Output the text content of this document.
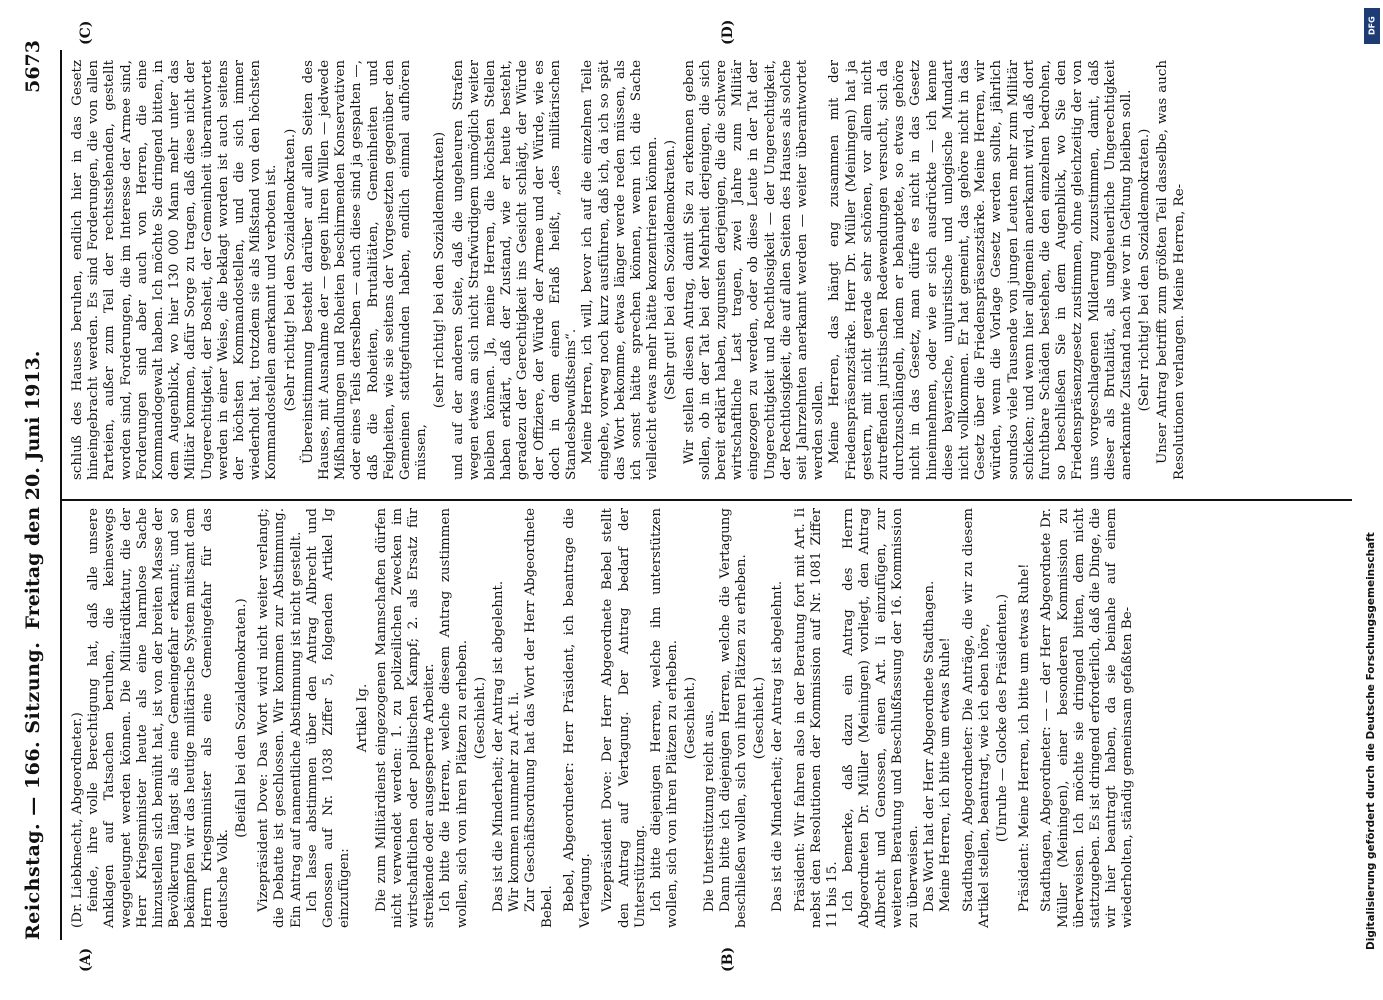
Reichstag. — 166. Sitzung.
Freitag den 20. Juni 1913.
5673
(A)	(B)
(C)	(D)

(Dr. Liebknecht, Abgeordneter.) feinde, ihre volle Berechtigung hat, daß alle unsere Anklagen auf Tatsachen beruhen, die keineswegs weggeleugnet werden können. Die Militärdiktatur, die der Herr Kriegsminister heute als eine harmlose Sache hinzustellen sich bemüht hat, ist von der breiten Masse der Bevölkerung längst als eine Gemeingefahr erkannt; und so bekämpfen wir das heutige militärische System mitsamt dem Herrn Kriegsminister als eine Gemeingefahr für das deutsche Volk.

(Beifall bei den Sozialdemokraten.) Vizepräsident Dove: Das Wort wird nicht weiter verlangt; die Debatte ist geschlossen. Wir kommen zur Abstimmung. Ein Antrag auf namentliche Abstimmung ist nicht gestellt. Ich lasse abstimmen über den Antrag Albrecht und Genossen auf Nr. 1038 Ziffer 5, folgenden Artikel Ig einzufügen:

Artikel Ig. Die zum Militärdienst eingezogenen Mannschaften dürfen nicht verwendet werden: 1. zu polizeilichen Zwecken im wirtschaftlichen oder politischen Kampf; 2. als Ersatz für streikende oder ausgesperrte Arbeiter. Ich bitte die Herren, welche diesem Antrag zustimmen wollen, sich von ihren Plätzen zu erheben. (Geschieht.) Das ist die Minderheit; der Antrag ist abgelehnt. Wir kommen nunmehr zu Art. Ii. Zur Geschäftsordnung hat das Wort der Herr Abgeordnete Bebel. Bebel, Abgeordneter: Herr Präsident, ich beantrage die Vertagung. Vizepräsident Dove: Der Herr Abgeordnete Bebel stellt den Antrag auf Vertagung. Der Antrag bedarf der Unterstützung. Ich bitte diejenigen Herren, welche ihn unterstützen wollen, sich von ihren Plätzen zu erheben. (Geschieht.) Die Unterstützung reicht aus. Dann bitte ich diejenigen Herren, welche die Vertagung beschließen wollen, sich von ihren Plätzen zu erheben. (Geschieht.) Das ist die Minderheit; der Antrag ist abgelehnt. Präsident: Wir fahren also in der Beratung fort mit Art. Ii nebst den Resolutionen der Kommission auf Nr. 1081 Ziffer 11 bis 15. Ich bemerke, daß dazu ein Antrag des Herrn Abgeordneten Dr. Müller (Meiningen) vorliegt, den Antrag Albrecht und Genossen, einen Art. Ii einzufügen, zur weiteren Beratung und Beschlußfassung der 16. Kommission zu überweisen. Das Wort hat der Herr Abgeordnete Stadthagen. Meine Herren, ich bitte um etwas Ruhe! Stadthagen, Abgeordneter: Die Anträge, die wir zu diesem Artikel stellen, beantragt, wie ich eben höre, (Unruhe — Glocke des Präsidenten.) Präsident: Meine Herren, ich bitte um etwas Ruhe! Stadthagen, Abgeordneter: — — der Herr Abgeordnete Dr. Müller (Meiningen), einer besonderen Kommission zu überweisen. Ich möchte sie dringend bitten, dem nicht stattzugeben. Es ist dringend erforderlich, daß die Dinge, die wir hier beantragt haben, da sie beinahe auf einem wiederholten, ständig gemeinsam gefaßten Be-

schluß des Hauses beruhen, endlich hier in das Gesetz hineingebracht werden. Es sind Forderungen, die von allen Parteien, außer zum Teil der rechtsstehenden, gestellt worden sind, Forderungen, die im Interesse der Armee sind, Forderungen sind aber auch von Herren, die eine Kommandogewalt haben. Ich möchte Sie dringend bitten, in dem Augenblick, wo hier 130 000 Mann mehr unter das Militär kommen, dafür Sorge zu tragen, daß diese nicht der Ungerechtigkeit, der Bosheit, der Gemeinheit überantwortet werden in einer Weise, die beklagt worden ist auch seitens der höchsten Kommandostellen, und die sich immer wiederholt hat, trotzdem sie als Mißstand von den höchsten Kommandostellen anerkannt und verboten ist. (Sehr richtig! bei den Sozialdemokraten.) Übereinstimmung besteht darüber auf allen Seiten des Hauses, mit Ausnahme der — gegen ihren Willen — jedwede Mißhandlungen und Roheiten beschirmenden Konservativen oder eines Teils derselben — auch diese sind ja gespalten —, daß die Roheiten, Brutalitäten, Gemeinheiten und Feigheiten, wie sie seitens der Vorgesetzten gegenüber den Gemeinen stattgefunden haben, endlich einmal aufhören müssen,

(sehr richtig! bei den Sozialdemokraten) und auf der anderen Seite, daß die ungeheuren Strafen wegen etwas an sich nicht Strafwürdigem unmöglich weiter bleiben können. Ja, meine Herren, die höchsten Stellen haben erklärt, daß der Zustand, wie er heute besteht, geradezu der Gerechtigkeit ins Gesicht schlägt, der Würde der Offiziere, der Würde der Armee und der Würde, wie es doch in dem einen Erlaß heißt, „des militärischen Standesbewußtseins“. Meine Herren, ich will, bevor ich auf die einzelnen Teile eingehe, vorweg noch kurz ausführen, daß ich, da ich so spät das Wort bekomme, etwas länger werde reden müssen, als ich sonst hätte sprechen können, wenn ich die Sache vielleicht etwas mehr hätte konzentrieren können. (Sehr gut! bei den Sozialdemokraten.) Wir stellen diesen Antrag, damit Sie zu erkennen geben sollen, ob in der Tat bei der Mehrheit derjenigen, die sich bereit erklärt haben, zugunsten derjenigen, die die schwere wirtschaftliche Last tragen, zwei Jahre zum Militär eingezogen zu werden, oder ob diese Leute in der Tat der Ungerechtigkeit und Rechtlosigkeit — der Ungerechtigkeit, der Rechtlosigkeit, die auf allen Seiten des Hauses als solche seit Jahrzehnten anerkannt werden — weiter überantwortet werden sollen. Meine Herren, das hängt eng zusammen mit der Friedenspräsenzstärke. Herr Dr. Müller (Meiningen) hat ja gestern, mit nicht gerade sehr schönen, vor allem nicht zutreffenden juristischen Redewendungen versucht, sich da durchzuschlängeln, indem er behauptete, so etwas gehöre nicht in das Gesetz, man dürfe es nicht in das Gesetz hineinnehmen, oder wie er sich ausdrückte — ich kenne diese bayerische, unjuristische und unlogische Mundart nicht vollkommen. Er hat gemeint, das gehöre nicht in das Gesetz über die Friedenspräsenzstärke. Meine Herren, wir würden, wenn die Vorlage Gesetz werden sollte, jährlich soundso viele Tausende von jungen Leuten mehr zum Militär schicken; und wenn hier allgemein anerkannt wird, daß dort furchtbare Schäden bestehen, die den einzelnen bedrohen, so beschließen Sie in dem Augenblick, wo Sie den Friedenspräsenzgesetz zustimmen, ohne gleichzeitig der von uns vorgeschlagenen Milderung zuzustimmen, damit, daß dieser als Brutalität, als ungeheuerliche Ungerechtigkeit anerkannte Zustand nach wie vor in Geltung bleiben soll. (Sehr richtig! bei den Sozialdemokraten.) Unser Antrag betrifft zum größten Teil dasselbe, was auch Resolutionen verlangen. Meine Herren, Re-

DFG
Digitalisierung gefördert durch die Deutsche Forschungsgemeinschaft
